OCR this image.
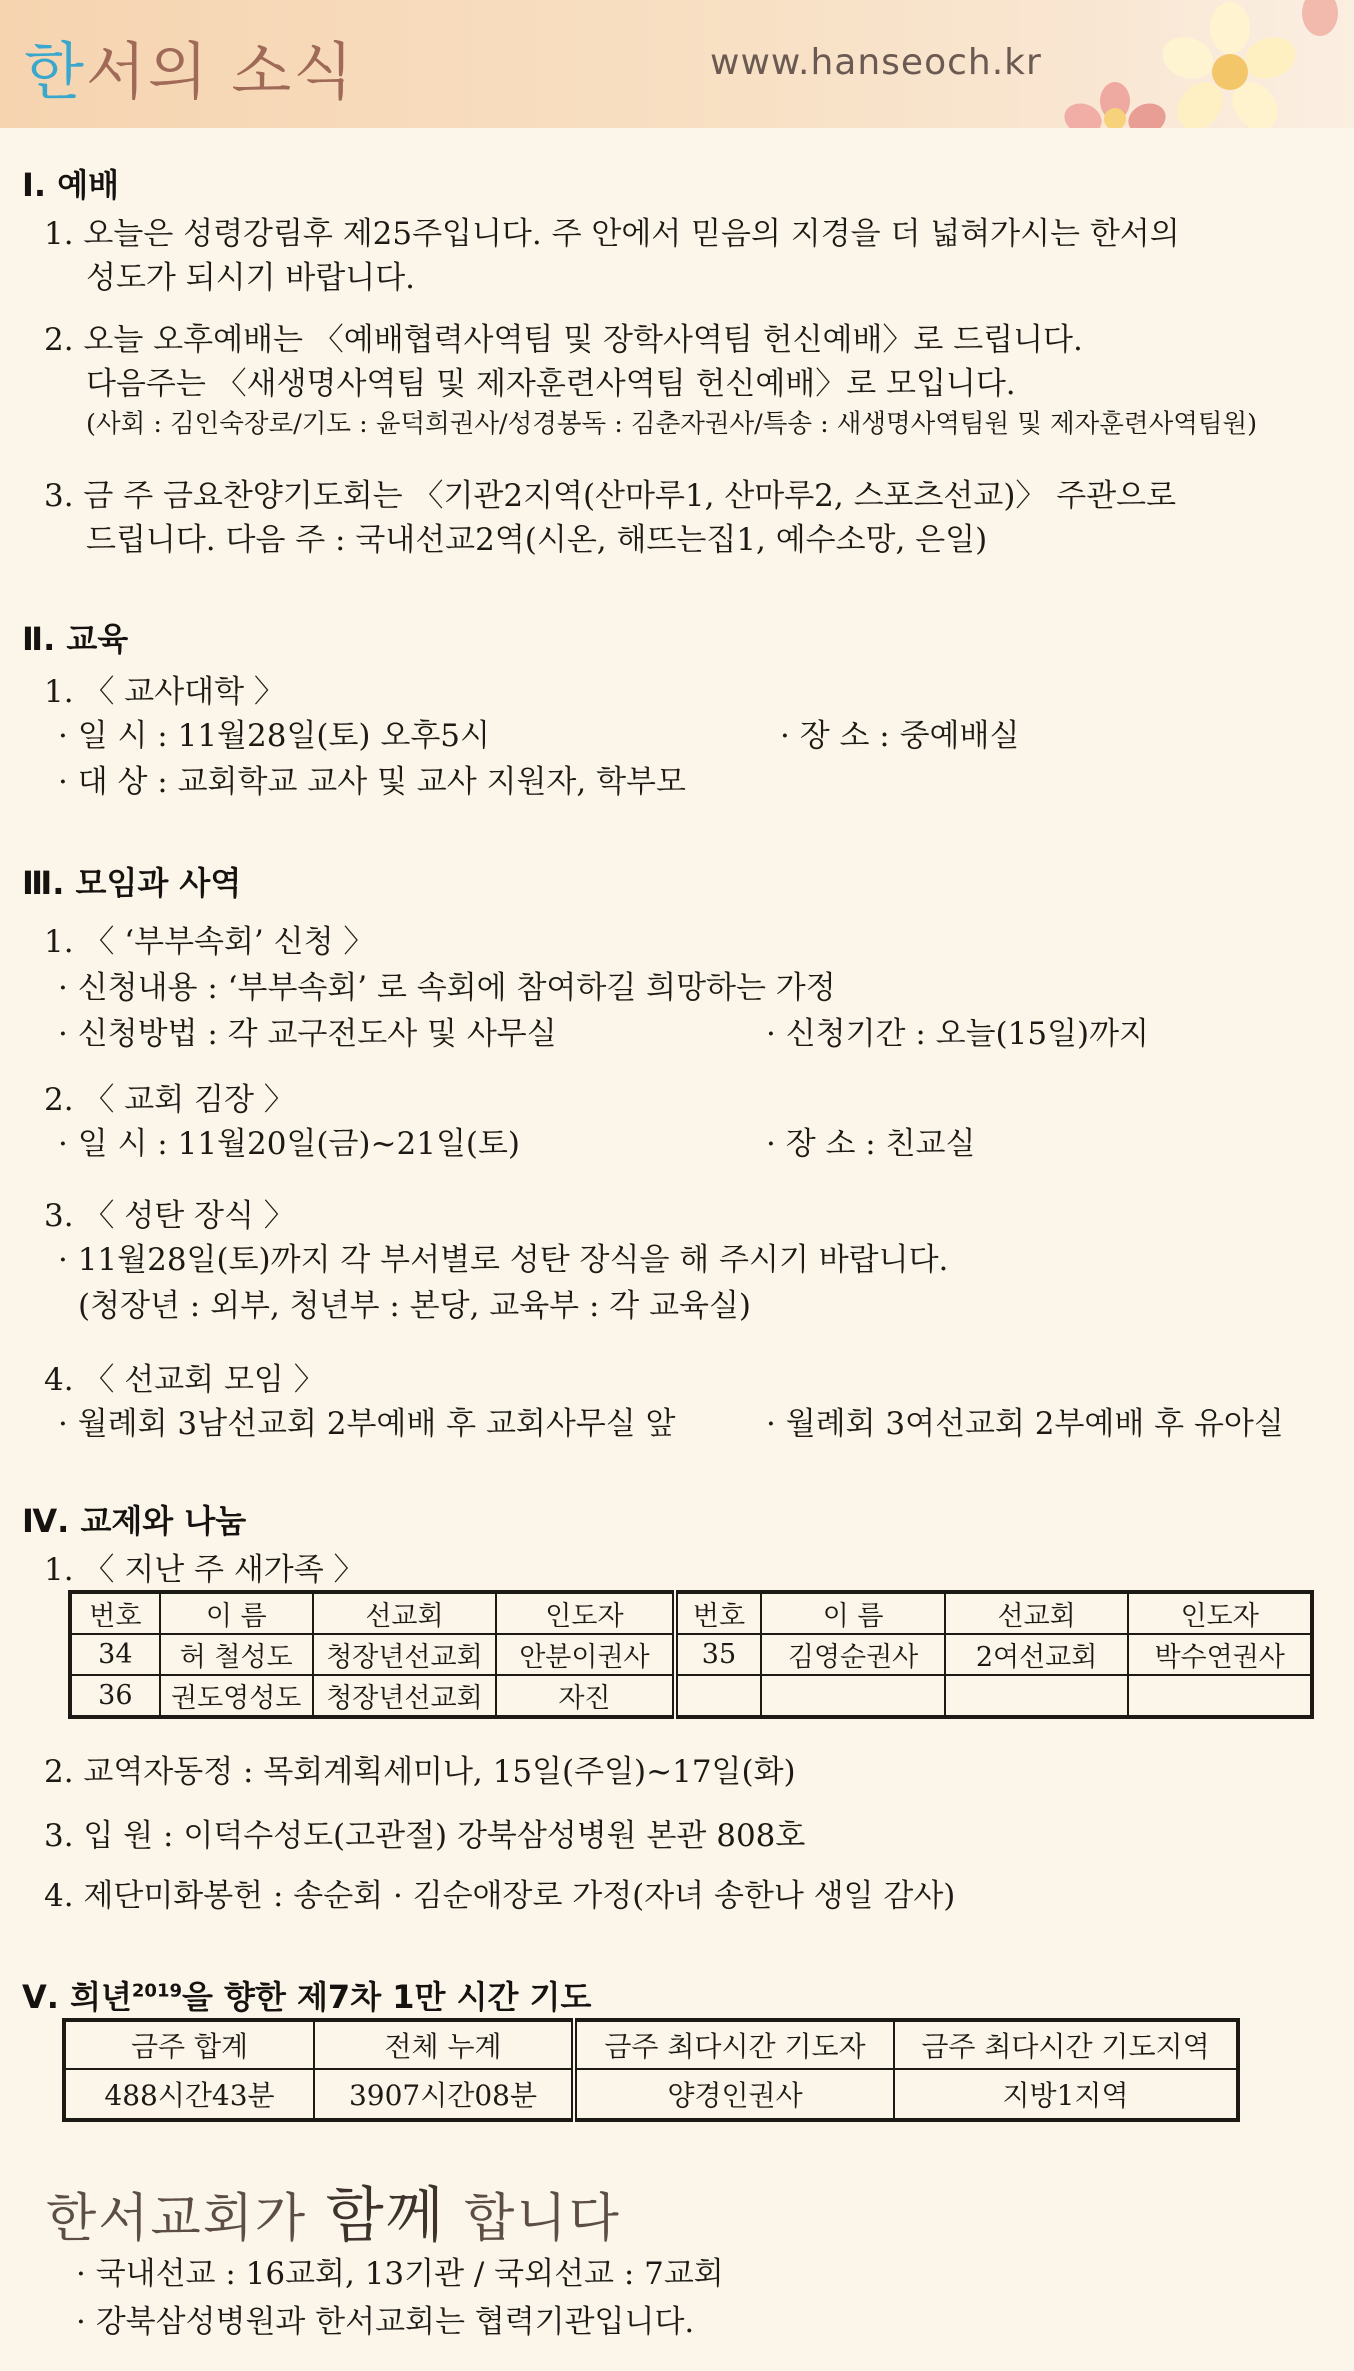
한서의 소식	www.hanseoch.kr
Ⅰ. 예배
1. 오늘은 성령강림후 제25주입니다. 주 안에서 믿음의 지경을 더 넓혀가시는 한서의
성도가 되시기 바랍니다.
2. 오늘 오후예배는 〈예배협력사역팀 및 장학사역팀 헌신예배〉로 드립니다.
다음주는 〈새생명사역팀 및 제자훈련사역팀 헌신예배〉로 모입니다.
(사회 : 김인숙장로/기도 : 윤덕희권사/성경봉독 : 김춘자권사/특송 : 새생명사역팀원 및 제자훈련사역팀원)
3. 금 주 금요찬양기도회는 〈기관2지역(산마루1, 산마루2, 스포츠선교)〉 주관으로
드립니다. 다음 주 : 국내선교2역(시온, 해뜨는집1, 예수소망, 은일)
Ⅱ. 교육
1. 〈 교사대학 〉
· 일 시 : 11월28일(토) 오후5시	· 장 소 : 중예배실
· 대 상 : 교회학교 교사 및 교사 지원자, 학부모
Ⅲ. 모임과 사역
1. 〈 ‘부부속회’ 신청 〉
· 신청내용 : ‘부부속회’ 로 속회에 참여하길 희망하는 가정
· 신청방법 : 각 교구전도사 및 사무실	· 신청기간 : 오늘(15일)까지
2. 〈 교회 김장 〉
· 일 시 : 11월20일(금)~21일(토)	· 장 소 : 친교실
3. 〈 성탄 장식 〉
· 11월28일(토)까지 각 부서별로 성탄 장식을 해 주시기 바랍니다.
(청장년 : 외부, 청년부 : 본당, 교육부 : 각 교육실)
4. 〈 선교회 모임 〉
· 월례회 3남선교회 2부예배 후 교회사무실 앞	· 월례회 3여선교회 2부예배 후 유아실
Ⅳ. 교제와 나눔
1. 〈 지난 주 새가족 〉
번호	이 름	선교회	인도자	번호	이 름	선교회	인도자
34	허 철성도	청장년선교회	안분이권사	35	김영순권사	2여선교회	박수연권사
36	권도영성도	청장년선교회	자진				
2. 교역자동정 : 목회계획세미나, 15일(주일)~17일(화)
3. 입 원 : 이덕수성도(고관절) 강북삼성병원 본관 808호
4. 제단미화봉헌 : 송순회 · 김순애장로 가정(자녀 송한나 생일 감사)
Ⅴ. 희년$^{2019}$을 향한 제7차 1만 시간 기도
금주 합계	전체 누계	금주 최다시간 기도자	금주 최다시간 기도지역
488시간43분	3907시간08분	양경인권사	지방1지역
한서교회가 함께 합니다
· 국내선교 : 16교회, 13기관 / 국외선교 : 7교회
· 강북삼성병원과 한서교회는 협력기관입니다.
